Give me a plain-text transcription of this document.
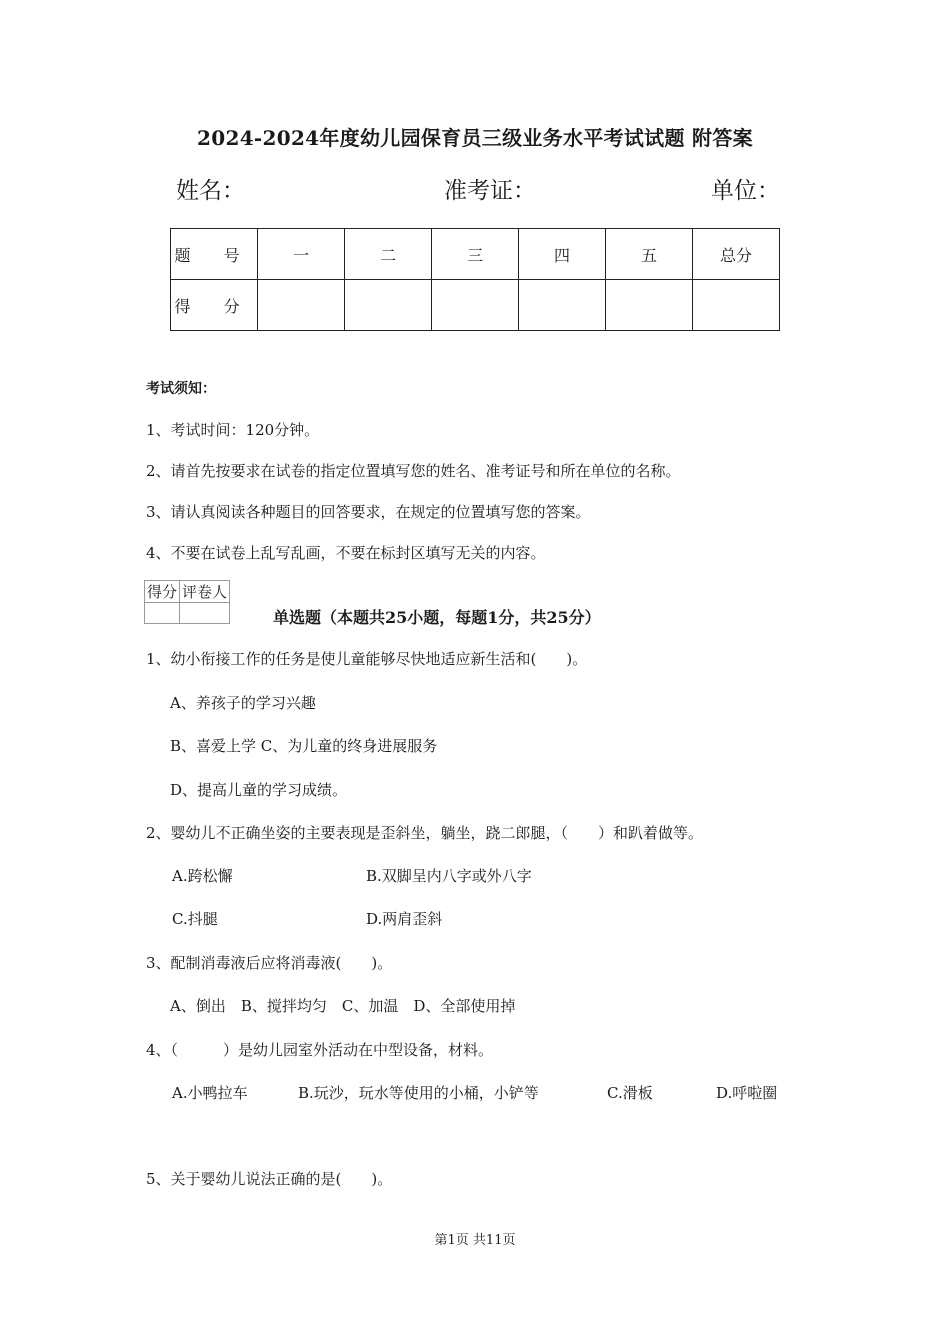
2024-2024年度幼儿园保育员三级业务水平考试试题 附答案
姓名：	准考证：	单位：
题 号	一	二	三	四	五	总分
得 分						
考试须知：
1、考试时间：120分钟。
2、请首先按要求在试卷的指定位置填写您的姓名、准考证号和所在单位的名称。
3、请认真阅读各种题目的回答要求，在规定的位置填写您的答案。
4、不要在试卷上乱写乱画，不要在标封区填写无关的内容。
得分	评卷人

单选题（本题共25小题，每题1分，共25分）
1、幼小衔接工作的任务是使儿童能够尽快地适应新生活和(　　)。
A、养孩子的学习兴趣
B、喜爱上学 C、为儿童的终身进展服务
D、提高儿童的学习成绩。
2、婴幼儿不正确坐姿的主要表现是歪斜坐，躺坐，跷二郎腿，（　　）和趴着做等。
A.跨松懈	B.双脚呈内八字或外八字
C.抖腿	D.两肩歪斜
3、配制消毒液后应将消毒液(　　)。
A、倒出　B、搅拌均匀　C、加温　D、全部使用掉
4、（　　　）是幼儿园室外活动在中型设备，材料。
A.小鸭拉车	B.玩沙，玩水等使用的小桶，小铲等	C.滑板	D.呼啦圈
5、关于婴幼儿说法正确的是(　　)。
第1页 共11页
